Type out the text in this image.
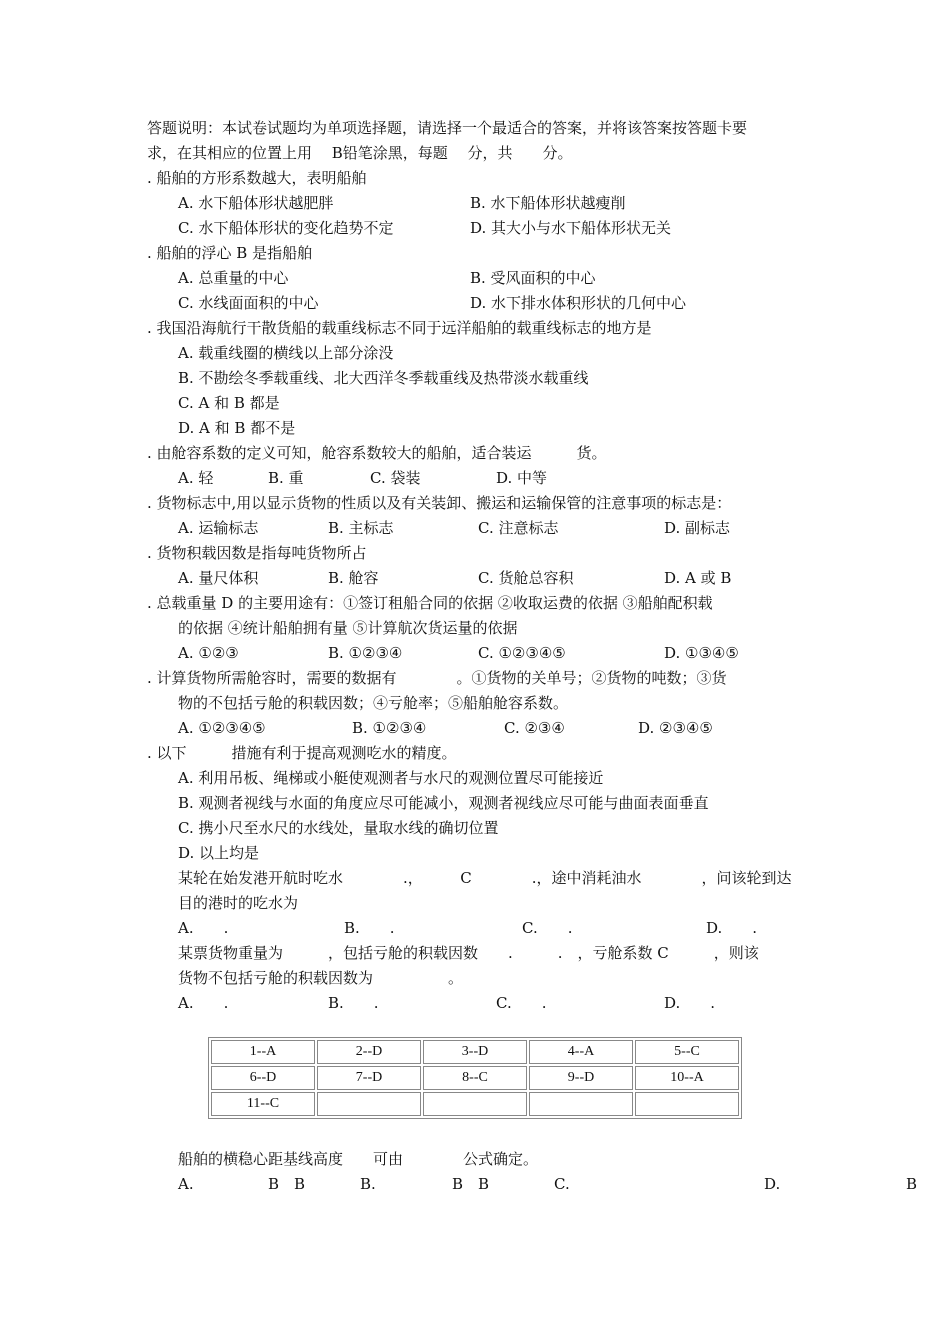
答题说明：本试卷试题均为单项选择题，请选择一个最适合的答案，并将该答案按答题卡要
求，在其相应的位置上用　 B铅笔涂黑，每题　 分，共　　分。
. 船舶的方形系数越大，表明船舶
A. 水下船体形状越肥胖	B. 水下船体形状越瘦削
C. 水下船体形状的变化趋势不定	D. 其大小与水下船体形状无关
. 船舶的浮心 B 是指船舶
A. 总重量的中心	B. 受风面积的中心
C. 水线面面积的中心	D. 水下排水体积形状的几何中心
. 我国沿海航行干散货船的载重线标志不同于远洋船舶的载重线标志的地方是
A. 载重线圈的横线以上部分涂没
B. 不勘绘冬季载重线、北大西洋冬季载重线及热带淡水载重线
C. A 和 B 都是
D. A 和 B 都不是
. 由舱容系数的定义可知，舱容系数较大的船舶，适合装运　　　货。
A. 轻	B. 重	C. 袋装	D. 中等
. 货物标志中,用以显示货物的性质以及有关装卸、搬运和运输保管的注意事项的标志是：
A. 运输标志	B. 主标志	C. 注意标志	D. 副标志
. 货物积载因数是指每吨货物所占
A. 量尺体积	B. 舱容	C. 货舱总容积	D. A 或 B
. 总载重量 D 的主要用途有：①签订租船合同的依据 ②收取运费的依据 ③船舶配积载
的依据 ④统计船舶拥有量 ⑤计算航次货运量的依据
A. ①②③	B. ①②③④	C. ①②③④⑤	D. ①③④⑤
. 计算货物所需舱容时，需要的数据有　　　　。①货物的关单号；②货物的吨数；③货
物的不包括亏舱的积载因数；④亏舱率；⑤船舶舱容系数。
A. ①②③④⑤	B. ①②③④	C. ②③④	D. ②③④⑤
. 以下　　　措施有利于提高观测吃水的精度。
A. 利用吊板、绳梯或小艇使观测者与水尺的观测位置尽可能接近
B. 观测者视线与水面的角度应尽可能减小，观测者视线应尽可能与曲面表面垂直
C. 携小尺至水尺的水线处，量取水线的确切位置
D. 以上均是
某轮在始发港开航时吃水　　　　.，　　　C　　　　.，途中消耗油水　　　　，问该轮到达
目的港时的吃水为
A.　　.	B.　　.	C.　　.	D.　　.
某票货物重量为　　　，包括亏舱的积载因数　　.　　　.　，亏舱系数 C　　　，则该
货物不包括亏舱的积载因数为　　　　　。
A.　　.	B.　　.	C.　　.	D.　　.
1--A	2--D	3--D	4--A	5--C
6--D	7--D	8--C	9--D	10--A
11--C				
船舶的横稳心距基线高度　　可由　　　　公式确定。
A.	B　B	B.	B　B	C.	D.	B
